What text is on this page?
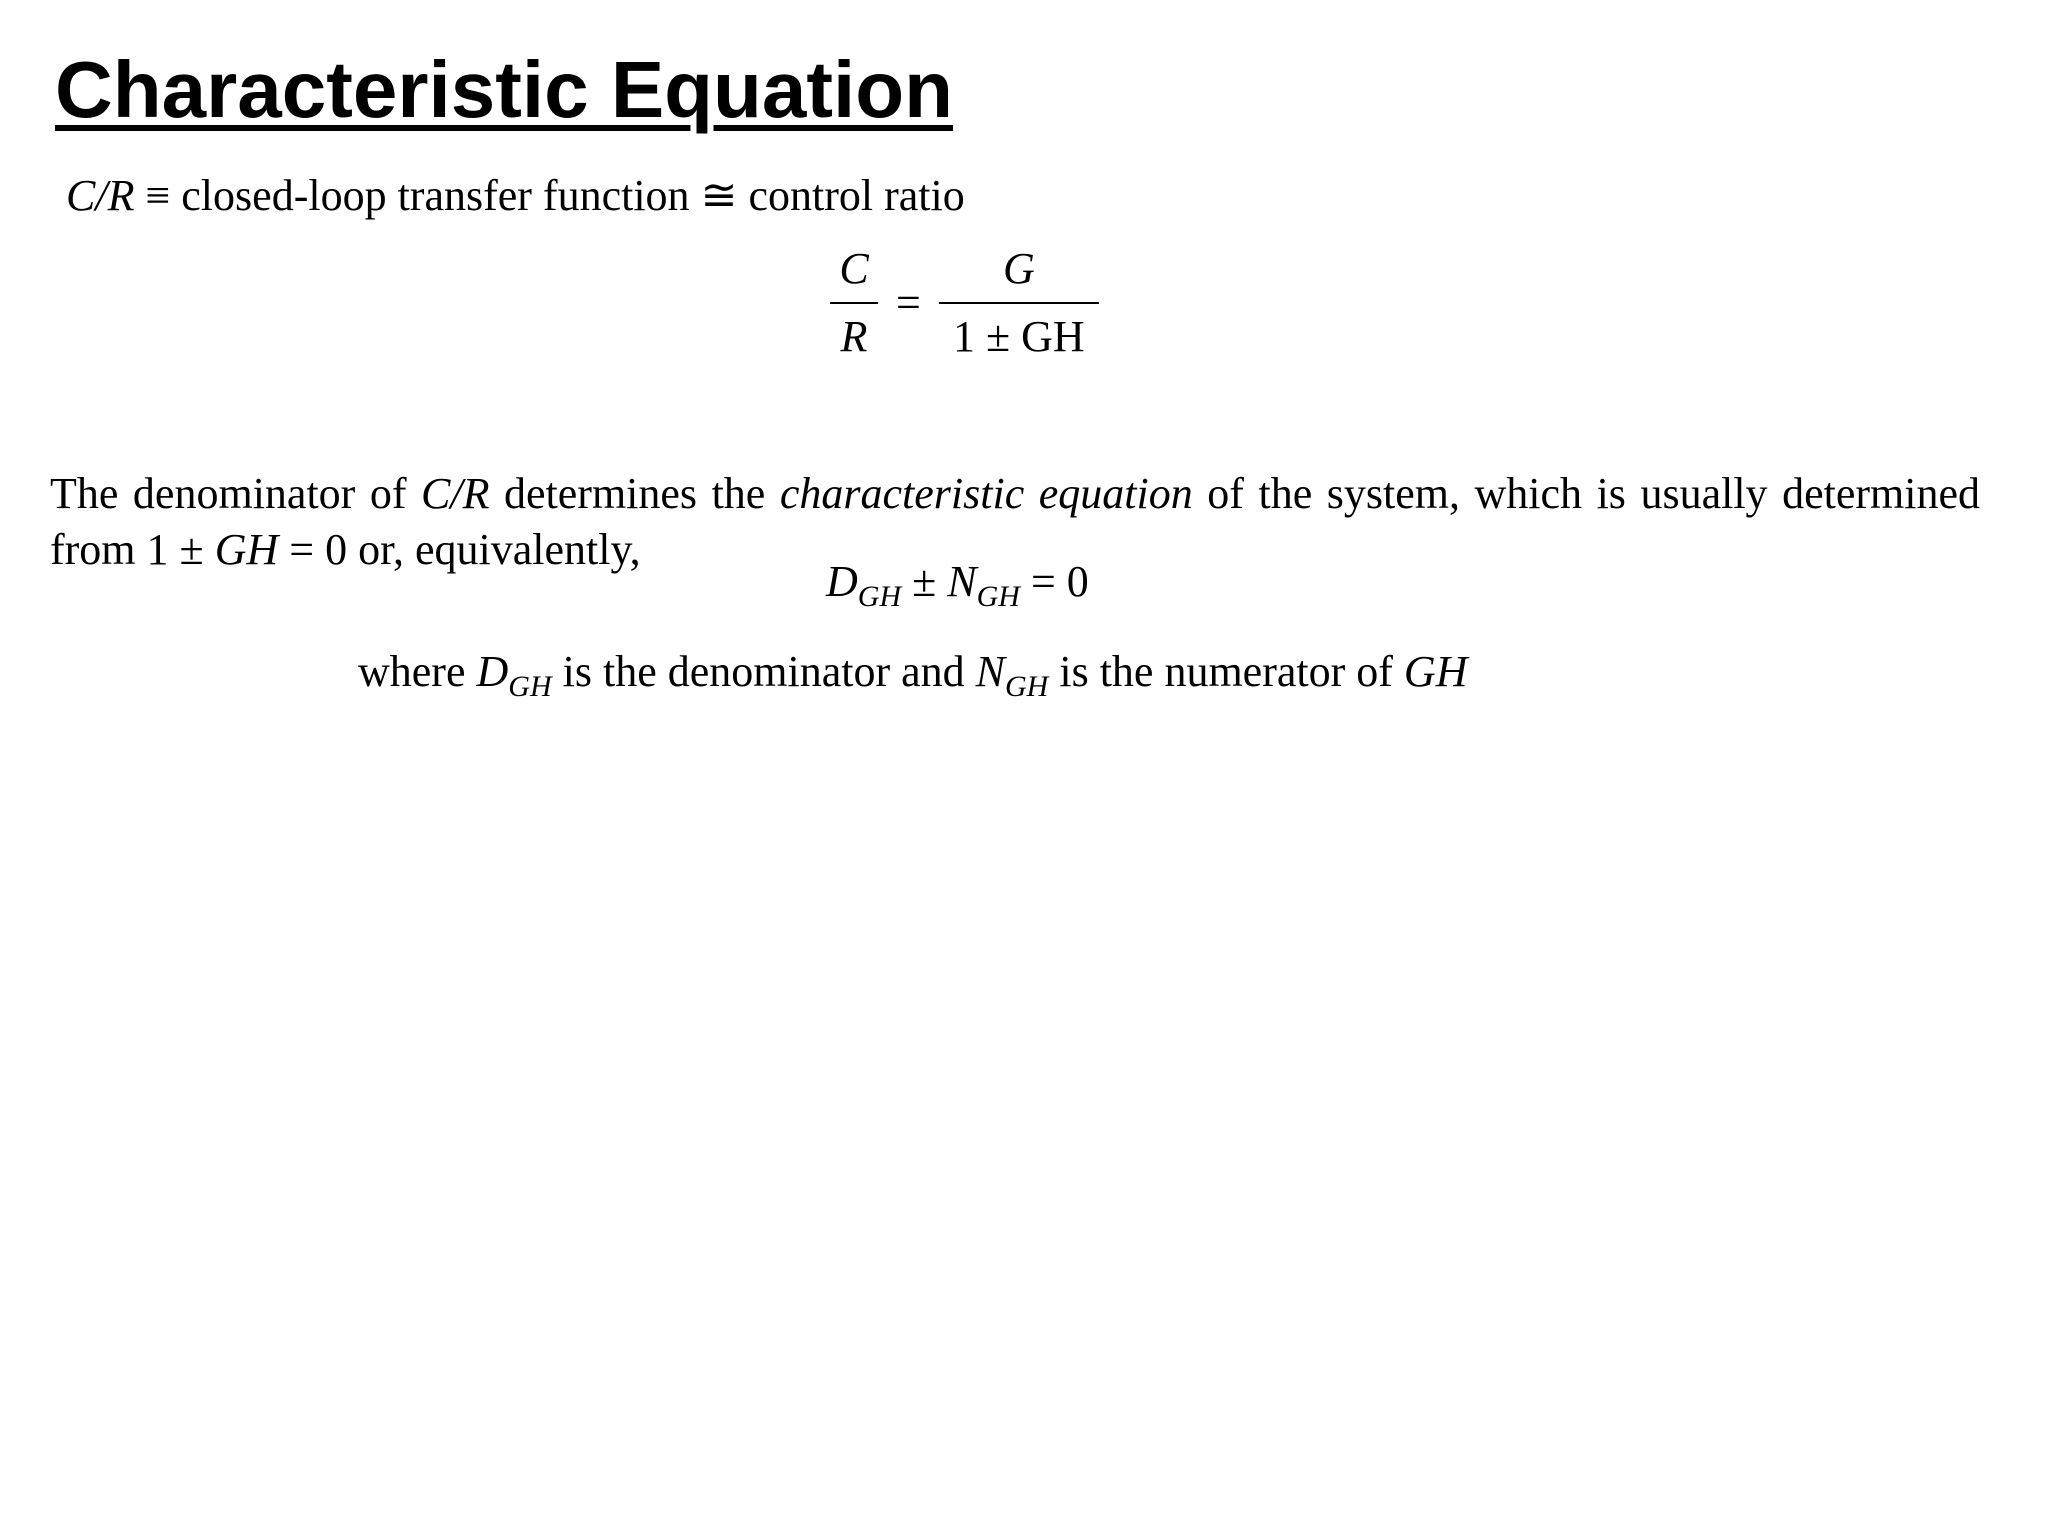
Characteristic Equation
C/R ≡ closed-loop transfer function ≅ control ratio
$\frac{C}{R} = \frac{G}{1 \pm GH}$

The denominator of C/R determines the characteristic equation of the system, which is usually determined from 1 ± GH = 0 or, equivalently,

$D_{GH} \pm N_{GH} = 0$
where $D_{GH}$ is the denominator and $N_{GH}$ is the numerator of GH
